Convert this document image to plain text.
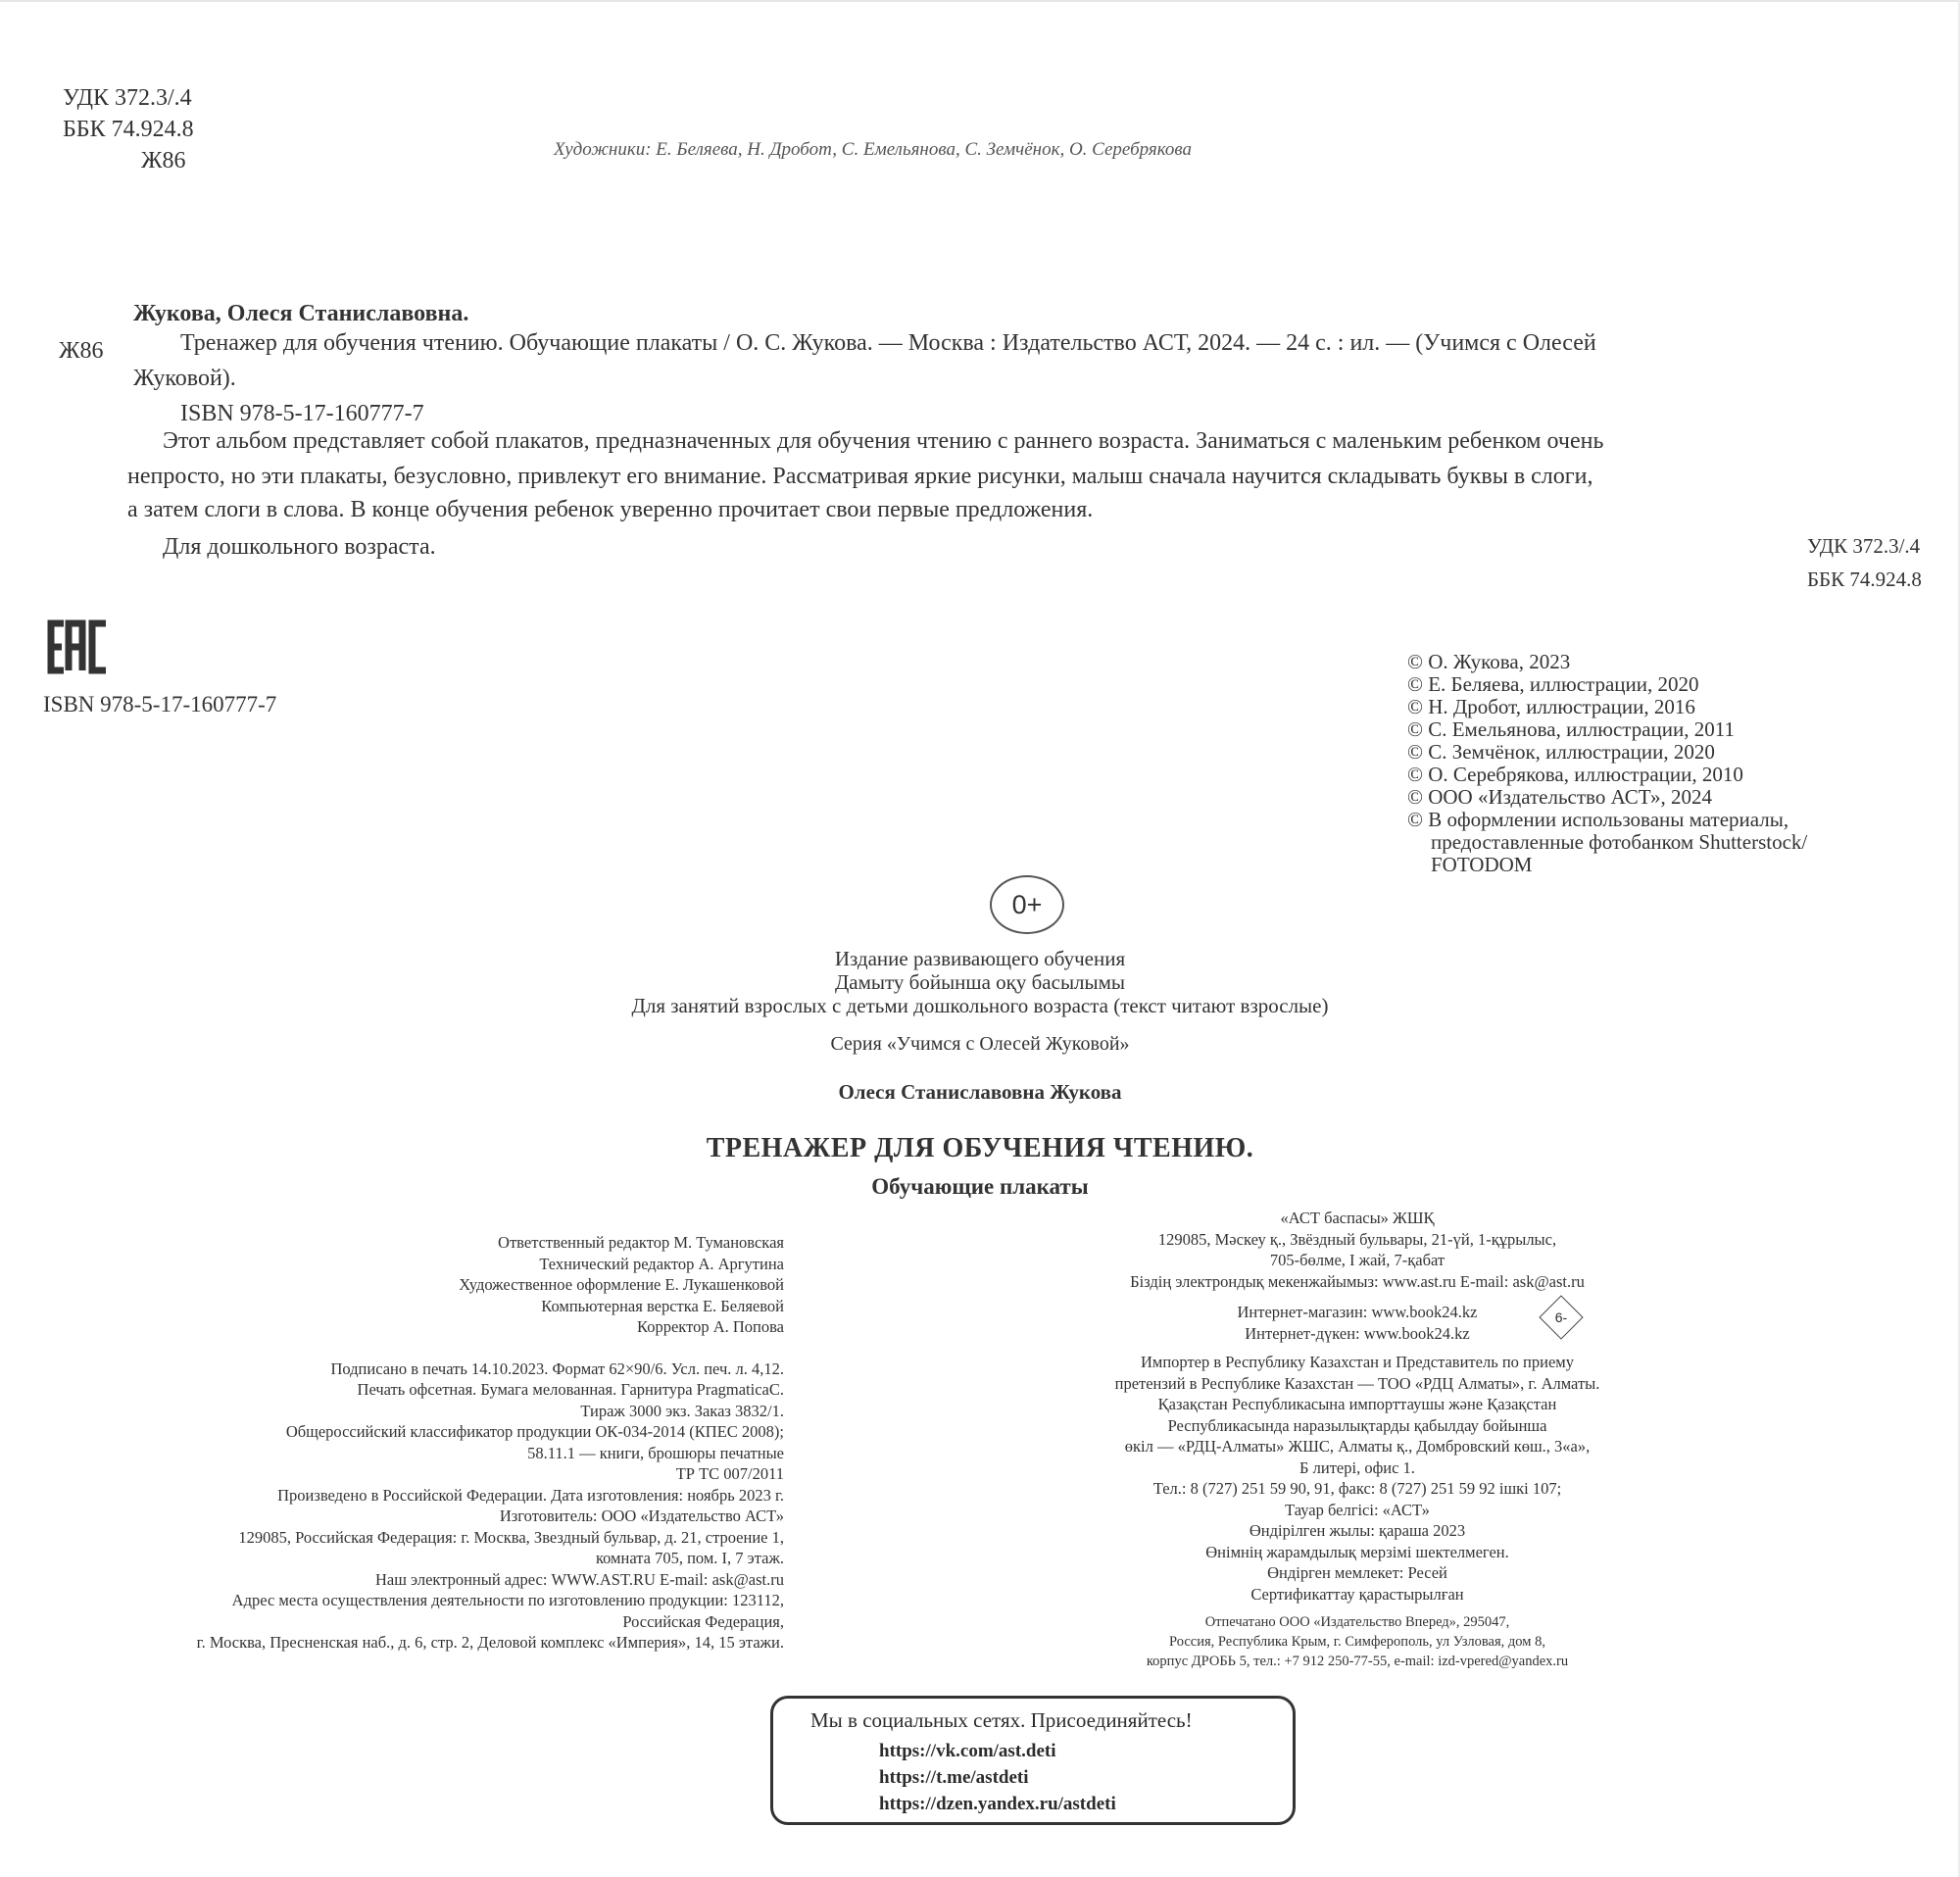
УДК 372.3/.4
ББК 74.924.8
Ж86	Художники: Е. Беляева, Н. Дробот, С. Емельянова, С. Земчёнок, О. Серебрякова

Жукова, Олеся Станиславовна.

Ж86	Тренажер для обучения чтению. Обучающие плакаты / О. С. Жукова. — Москва : Издательство АСТ, 2024. — 24 с. : ил. — (Учимся с Олесей

Жуковой).

ISBN 978-5-17-160777-7

Этот альбом представляет собой плакатов, предназначенных для обучения чтению с раннего возраста. Заниматься с маленьким ребенком очень

непросто, но эти плакаты, безусловно, привлекут его внимание. Рассматривая яркие рисунки, малыш сначала научится складывать буквы в слоги,

а затем слоги в слова. В конце обучения ребенок уверенно прочитает свои первые предложения.

Для дошкольного возраста.	УДК 372.3/.4
ББК 74.924.8
ISBN 978-5-17-160777-7
© О. Жукова, 2023
© Е. Беляева, иллюстрации, 2020
© Н. Дробот, иллюстрации, 2016
© С. Емельянова, иллюстрации, 2011
© С. Земчёнок, иллюстрации, 2020
© О. Серебрякова, иллюстрации, 2010
© ООО «Издательство АСТ», 2024
© В оформлении использованы материалы,
предоставленные фотобанком Shutterstock/
FOTODOM
0+
Издание развивающего обучения
Дамыту бойынша оқу басылымы
Для занятий взрослых с детьми дошкольного возраста (текст читают взрослые)
Серия «Учимся с Олесей Жуковой»
Олеся Станиславовна Жукова
ТРЕНАЖЕР ДЛЯ ОБУЧЕНИЯ ЧТЕНИЮ.
Обучающие плакаты
Ответственный редактор М. Тумановская
Технический редактор А. Аргутина
Художественное оформление Е. Лукашенковой
Компьютерная верстка Е. Беляевой
Корректор А. Попова
Подписано в печать 14.10.2023. Формат 62×90/6. Усл. печ. л. 4,12.
Печать офсетная. Бумага мелованная. Гарнитура PragmaticaC.
Тираж 3000 экз. Заказ 3832/1.
Общероссийский классификатор продукции ОК-034-2014 (КПЕС 2008);
58.11.1 — книги, брошюры печатные
ТР ТС 007/2011
Произведено в Российской Федерации. Дата изготовления: ноябрь 2023 г.
Изготовитель: ООО «Издательство АСТ»
129085, Российская Федерация: г. Москва, Звездный бульвар, д. 21, строение 1,
комната 705, пом. I, 7 этаж.
Наш электронный адрес: WWW.AST.RU E-mail: ask@ast.ru
Адрес места осуществления деятельности по изготовлению продукции: 123112,
Российская Федерация,
г. Москва, Пресненская наб., д. 6, стр. 2, Деловой комплекс «Империя», 14, 15 этажи.
«АСТ баспасы» ЖШҚ
129085, Мәскеу қ., Звёздный бульвары, 21-үй, 1-құрылыс,
705-бөлме, I жай, 7-қабат
Біздің электрондық мекенжайымыз: www.ast.ru E-mail: ask@ast.ru
Интернет-магазин: www.book24.kz
Интернет-дүкен: www.book24.kz
Импортер в Республику Казахстан и Представитель по приему
претензий в Республике Казахстан — ТОО «РДЦ Алматы», г. Алматы.
Қазақстан Республикасына импорттаушы және Қазақстан
Республикасында наразылықтарды қабылдау бойынша
өкіл — «РДЦ-Алматы» ЖШС, Алматы қ., Домбровский көш., 3«а»,
Б литері, офис 1.
Тел.: 8 (727) 251 59 90, 91, факс: 8 (727) 251 59 92 ішкі 107;
Тауар белгісі: «АСТ»
Өндірілген жылы: қараша 2023
Өнімнің жарамдылық мерзімі шектелмеген.
Өндірген мемлекет: Ресей
Сертификаттау қарастырылған
Отпечатано ООО «Издательство Вперед», 295047,
Россия, Республика Крым, г. Симферополь, ул Узловая, дом 8,
корпус ДРОБЬ 5, тел.: +7 912 250-77-55, e-mail: izd-vpered@yandex.ru
6-
Мы в социальных сетях. Присоединяйтесь!
https://vk.com/ast.deti
https://t.me/astdeti
https://dzen.yandex.ru/astdeti
